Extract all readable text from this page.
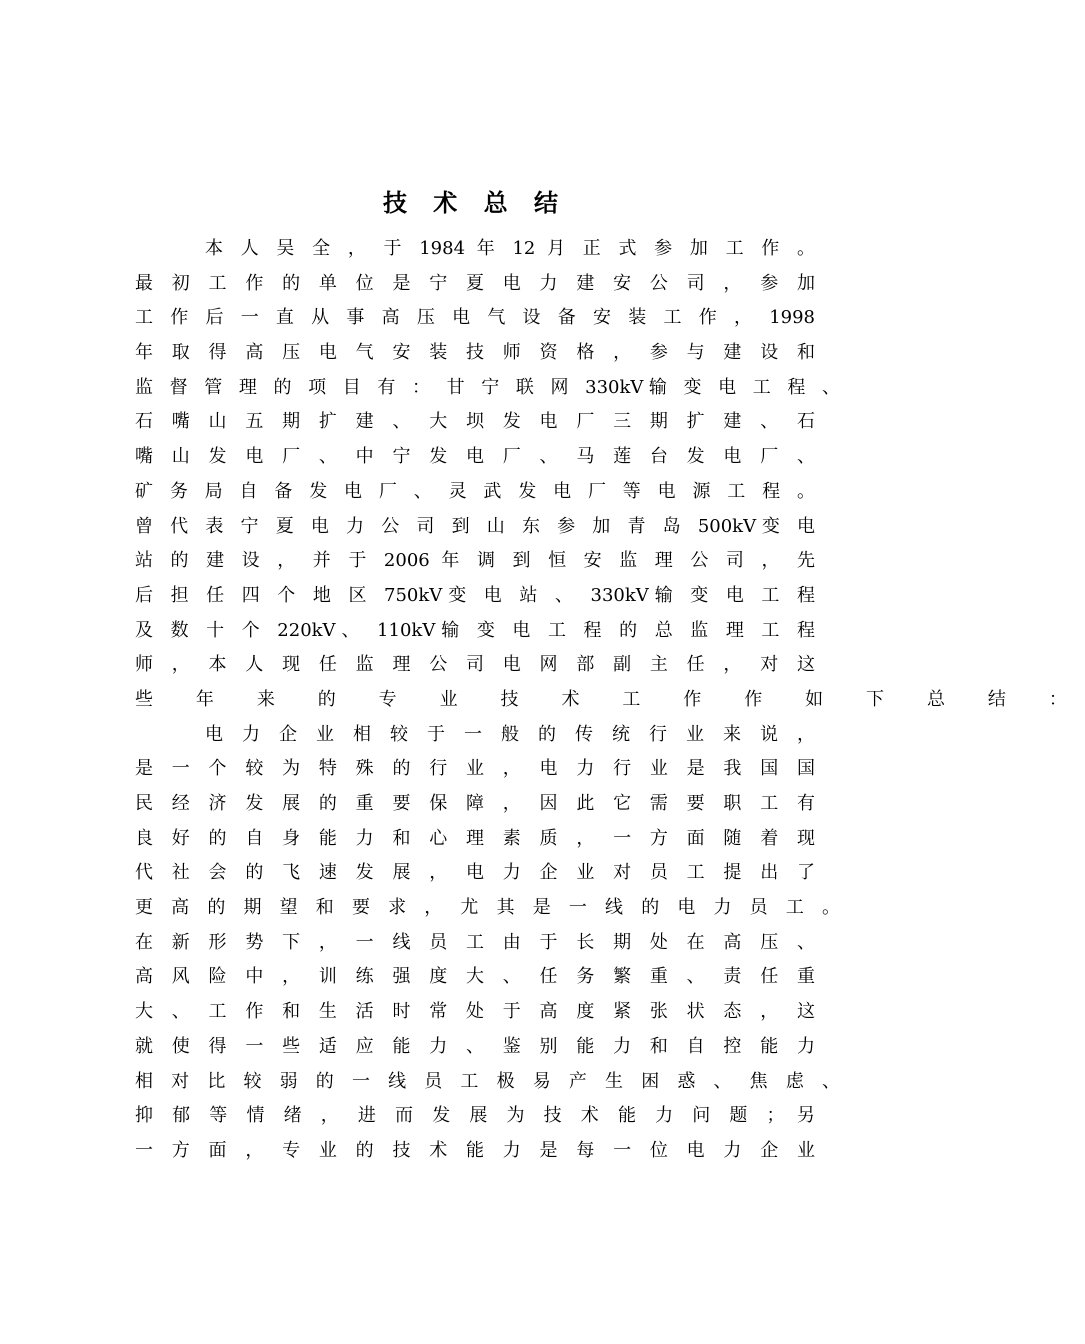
技 术 总 结
本 人 吴 全 ， 于 1984 年 12 月 正 式 参 加 工 作 。
最 初 工 作 的 单 位 是 宁 夏 电 力 建 安 公 司 ， 参 加
工 作 后 一 直 从 事 高 压 电 气 设 备 安 装 工 作 ， 1998
年 取 得 高 压 电 气 安 装 技 师 资 格 ， 参 与 建 设 和
监 督 管 理 的 项 目 有 ： 甘 宁 联 网 330kV输 变 电 工 程 、
石 嘴 山 五 期 扩 建 、 大 坝 发 电 厂 三 期 扩 建 、 石
嘴 山 发 电 厂 、 中 宁 发 电 厂 、 马 莲 台 发 电 厂 、
矿 务 局 自 备 发 电 厂 、 灵 武 发 电 厂 等 电 源 工 程 。
曾 代 表 宁 夏 电 力 公 司 到 山 东 参 加 青 岛 500kV变 电
站 的 建 设 ， 并 于 2006 年 调 到 恒 安 监 理 公 司 ， 先
后 担 任 四 个 地 区 750kV变 电 站 、 330kV输 变 电 工 程
及 数 十 个 220kV、 110kV输 变 电 工 程 的 总 监 理 工 程
师 ， 本 人 现 任 监 理 公 司 电 网 部 副 主 任 ， 对 这
些 年 来 的 专 业 技 术 工 作 作 如 下 总 结 ：
电 力 企 业 相 较 于 一 般 的 传 统 行 业 来 说 ，
是 一 个 较 为 特 殊 的 行 业 ， 电 力 行 业 是 我 国 国
民 经 济 发 展 的 重 要 保 障 ， 因 此 它 需 要 职 工 有
良 好 的 自 身 能 力 和 心 理 素 质 ， 一 方 面 随 着 现
代 社 会 的 飞 速 发 展 ， 电 力 企 业 对 员 工 提 出 了
更 高 的 期 望 和 要 求 ， 尤 其 是 一 线 的 电 力 员 工 。
在 新 形 势 下 ， 一 线 员 工 由 于 长 期 处 在 高 压 、
高 风 险 中 ， 训 练 强 度 大 、 任 务 繁 重 、 责 任 重
大 、 工 作 和 生 活 时 常 处 于 高 度 紧 张 状 态 ， 这
就 使 得 一 些 适 应 能 力 、 鉴 别 能 力 和 自 控 能 力
相 对 比 较 弱 的 一 线 员 工 极 易 产 生 困 惑 、 焦 虑 、
抑 郁 等 情 绪 ， 进 而 发 展 为 技 术 能 力 问 题 ； 另
一 方 面 ， 专 业 的 技 术 能 力 是 每 一 位 电 力 企 业
